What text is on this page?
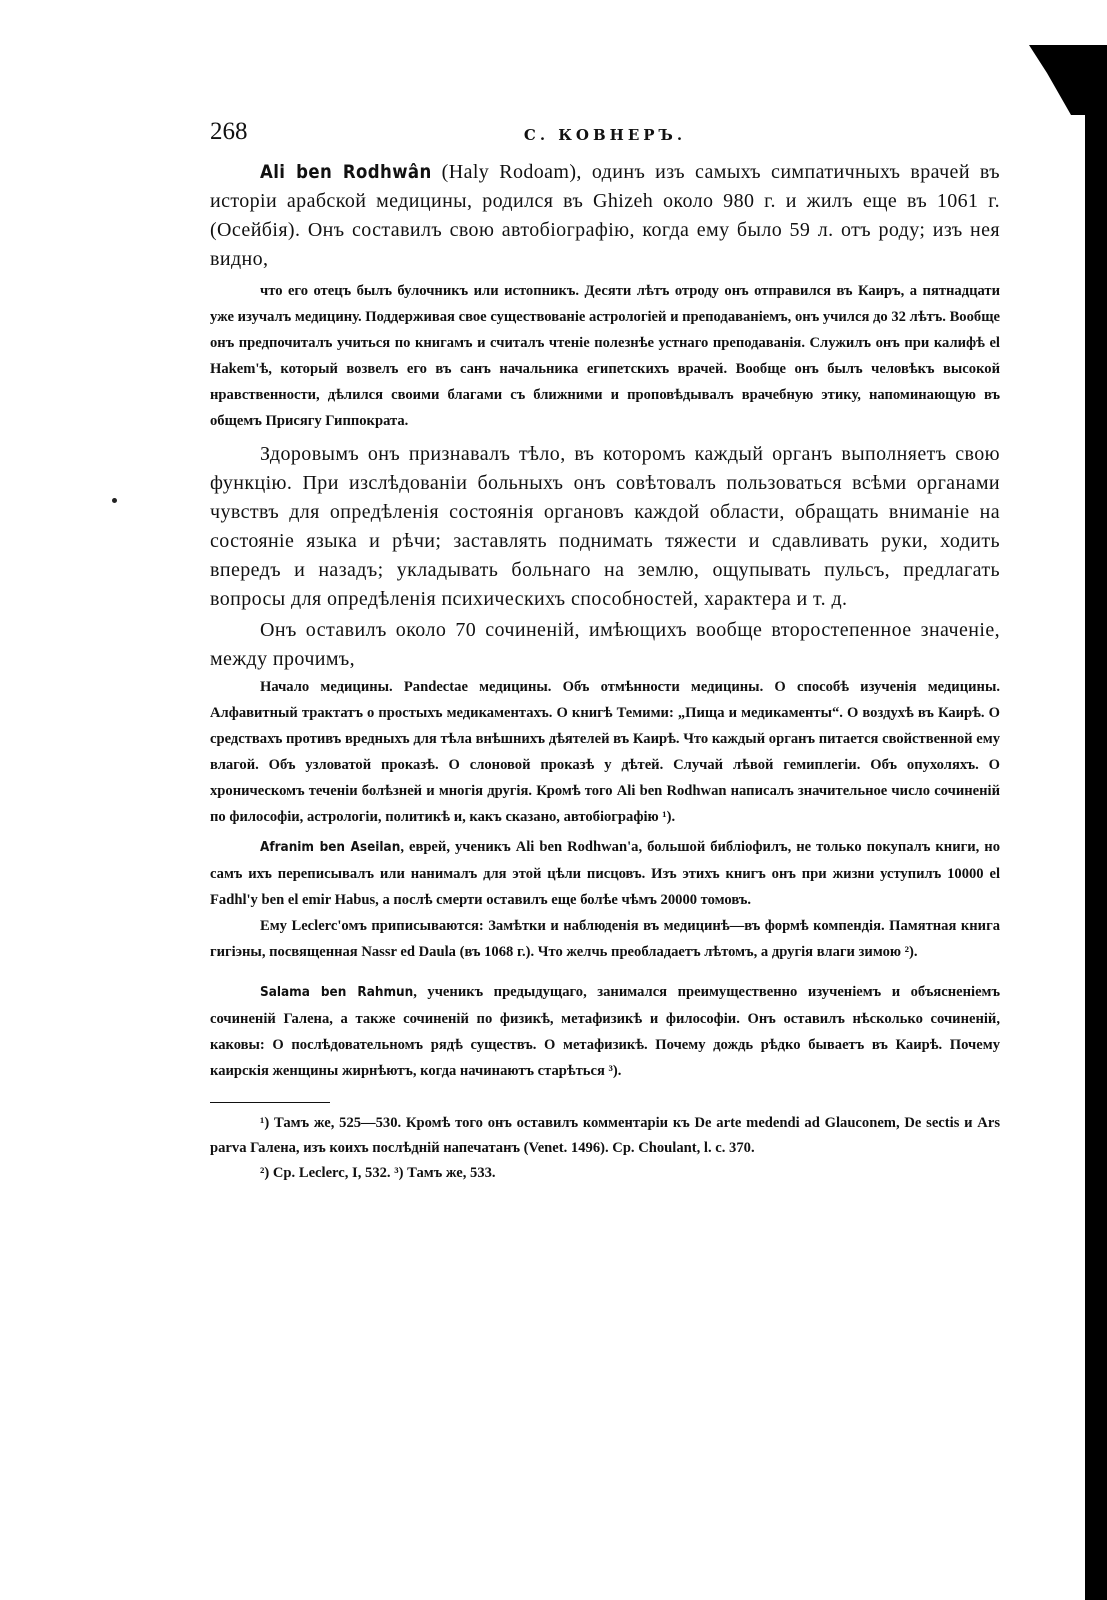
268	С. КОВНЕРЪ.

Ali ben Rodhwân (Haly Rodoam), одинъ изъ самыхъ симпатичныхъ врачей въ исторіи арабской медицины, родился въ Ghizeh около 980 г. и жилъ еще въ 1061 г. (Осейбія). Онъ составилъ свою автобіографію, когда ему было 59 л. отъ роду; изъ нея видно,

что его отецъ былъ булочникъ или истопникъ. Десяти лѣтъ отроду онъ отправился въ Каиръ, а пятнадцати уже изучалъ медицину. Поддерживая свое существованіе астрологіей и преподаваніемъ, онъ учился до 32 лѣтъ. Вообще онъ предпочиталъ учиться по книгамъ и считалъ чтеніе полезнѣе устнаго преподаванія. Служилъ онъ при калифѣ el Hakem'ѣ, который возвелъ его въ санъ начальника египетскихъ врачей. Вообще онъ былъ человѣкъ высокой нравственности, дѣлился своими благами съ ближними и проповѣдывалъ врачебную этику, напоминающую въ общемъ Присягу Гиппократа.

Здоровымъ онъ признавалъ тѣло, въ которомъ каждый органъ выполняетъ свою функцію. При изслѣдованіи больныхъ онъ совѣтовалъ пользоваться всѣми органами чувствъ для опредѣленія состоянія органовъ каждой области, обращать вниманіе на состояніе языка и рѣчи; заставлять поднимать тяжести и сдавливать руки, ходить впередъ и назадъ; укладывать больнаго на землю, ощупывать пульсъ, предлагать вопросы для опредѣленія психическихъ способностей, характера и т. д.

Онъ оставилъ около 70 сочиненій, имѣющихъ вообще второстепенное значеніе, между прочимъ,

Начало медицины. Pandectae медицины. Объ отмѣнности медицины. О способѣ изученія медицины. Алфавитный трактатъ о простыхъ медикаментахъ. О книгѣ Темими: „Пища и медикаменты“. О воздухѣ въ Каирѣ. О средствахъ противъ вредныхъ для тѣла внѣшнихъ дѣятелей въ Каирѣ. Что каждый органъ питается свойственной ему влагой. Объ узловатой проказѣ. О слоновой проказѣ у дѣтей. Случай лѣвой гемиплегіи. Объ опухоляхъ. О хроническомъ теченіи болѣзней и многія другія. Кромѣ того Ali ben Rodhwan написалъ значительное число сочиненій по философіи, астрологіи, политикѣ и, какъ сказано, автобіографію ¹).

Afranim ben Aseilan, еврей, ученикъ Ali ben Rodhwan'а, большой библіофилъ, не только покупалъ книги, но самъ ихъ переписывалъ или нанималъ для этой цѣли писцовъ. Изъ этихъ книгъ онъ при жизни уступилъ 10000 el Fadhl'у ben el emir Habus, а послѣ смерти оставилъ еще болѣе чѣмъ 20000 томовъ.

Ему Leclerc'омъ приписываются: Замѣтки и наблюденія въ медицинѣ—въ формѣ компендія. Памятная книга гигіэны, посвященная Nassr ed Daula (въ 1068 г.). Что желчь преобладаетъ лѣтомъ, а другія влаги зимою ²).

Salama ben Rahmun, ученикъ предыдущаго, занимался преимущественно изученіемъ и объясненіемъ сочиненій Галена, а также сочиненій по физикѣ, метафизикѣ и философіи. Онъ оставилъ нѣсколько сочиненій, каковы: О послѣдовательномъ рядѣ существъ. О метафизикѣ. Почему дождь рѣдко бываетъ въ Каирѣ. Почему каирскія женщины жирнѣютъ, когда начинаютъ старѣться ³).

¹) Тамъ же, 525—530. Кромѣ того онъ оставилъ комментаріи къ De arte medendi ad Glauconem, De sectis и Ars parva Галена, изъ коихъ послѣдній напечатанъ (Venet. 1496). Ср. Choulant, l. c. 370.
²) Ср. Leclerc, I, 532. ³) Тамъ же, 533.
